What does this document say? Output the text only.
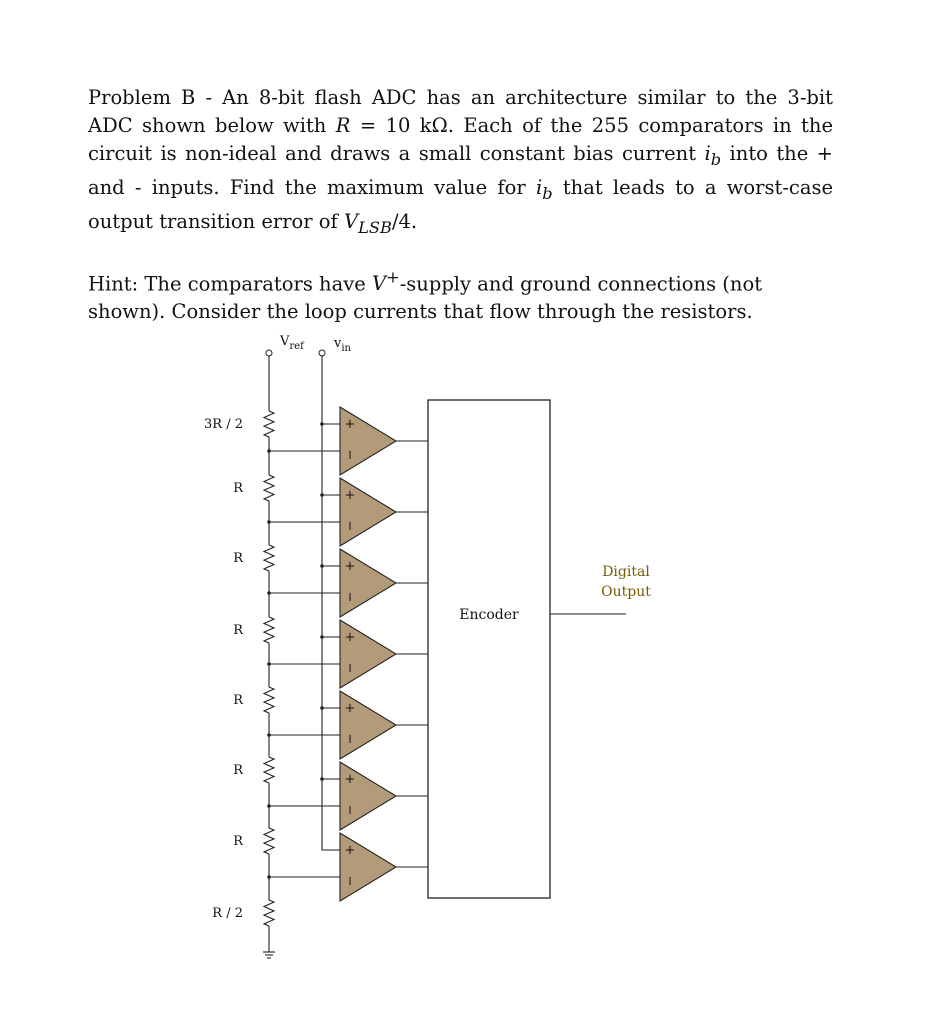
Problem B - An 8-bit flash ADC has an architecture similar to the 3-bit ADC shown below with R = 10 kΩ. Each of the 255 comparators in the circuit is non-ideal and draws a small constant bias current $i_b$ into the + and - inputs. Find the maximum value for $i_b$ that leads to a worst-case output transition error of $V_{LSB}/4$.

Hint: The comparators have V+-supply and ground connections (not shown). Consider the loop currents that flow through the resistors.

$V_{ref}$ $v_{in}$
+
−
+
−
+
−
+
−
+
−
+
−
+
−
3R / 2
R
R
R
R
R
R
R / 2
Encoder
Digital
Output
